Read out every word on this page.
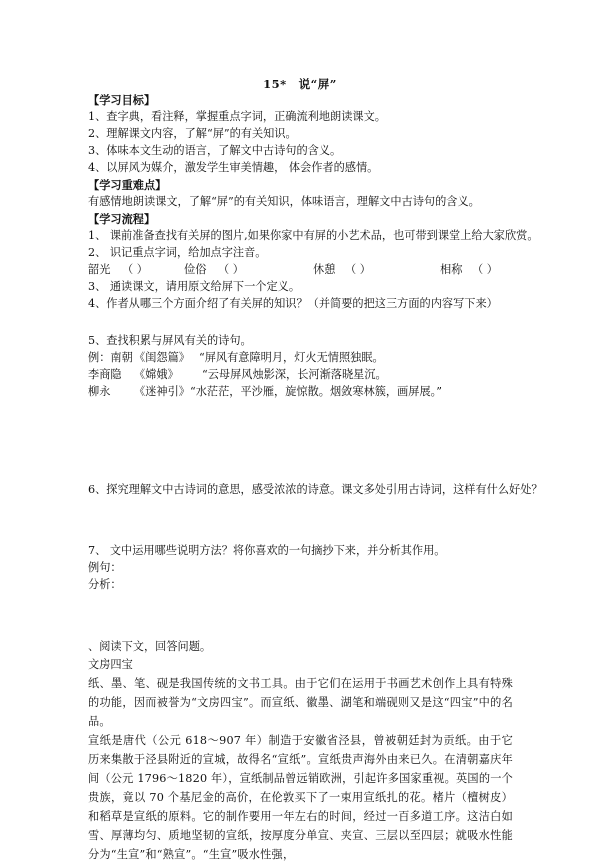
15*　说“屏”
【学习目标】
1、查字典，看注释，掌握重点字词，正确流利地朗读课文。
2、理解课文内容，了解“屏”的有关知识。
3、体味本文生动的语言，了解文中古诗句的含义。
4、以屏风为媒介，激发学生审美情趣， 体会作者的感情。
【学习重难点】
有感情地朗读课文，了解“屏”的有关知识，体味语言，理解文中古诗句的含义。
【学习流程】
1、 课前准备查找有关屏的图片,如果你家中有屏的小艺术品，也可带到课堂上给大家欣赏。
2、 识记重点字词，给加点字注音。
韶光 （ ）	俭俗 （ ）	休憩 （ ）	相称 （ ）
3、 通读课文，请用原文给屏下一个定义。
4、作者从哪三个方面介绍了有关屏的知识？（并简要的把这三方面的内容写下来）
5、查找积累与屏风有关的诗句。
例：南朝《闺怨篇》 “屏风有意障明月，灯火无情照独眠。
李商隐 《嫦娥》 “云母屏风烛影深，长河渐落晓星沉。
柳永 《迷神引》“水茫茫，平沙雁，旋惊散。烟敛寒林簇，画屏展。”
6、探究理解文中古诗词的意思，感受浓浓的诗意。课文多处引用古诗词，这样有什么好处？
7、 文中运用哪些说明方法？将你喜欢的一句摘抄下来，并分析其作用。
例句：
分析：
、阅读下文，回答问题。
文房四宝
纸、墨、笔、砚是我国传统的文书工具。由于它们在运用于书画艺术创作上具有特殊的功能，因而被誉为“文房四宝”。而宣纸、徽墨、湖笔和端砚则又是这“四宝”中的名品。
宣纸是唐代（公元 618～907 年）制造于安徽省泾县，曾被朝廷封为贡纸。由于它历来集散于泾县附近的宣城，故得名“宣纸”。宣纸贵声海外由来已久。在清朝嘉庆年间（公元 1796～1820 年），宣纸制品曾远销欧洲，引起许多国家重视。英国的一个贵族，竟以 70 个基尼金的高价，在伦敦买下了一束用宣纸扎的花。楮片（檀树皮）和稻草是宣纸的原料。它的制作要用一年左右的时间，经过一百多道工序。这洁白如雪、厚薄均匀、质地坚韧的宣纸，按厚度分单宣、夹宣、三层以至四层；就吸水性能分为“生宣”和“熟宣”。“生宣”吸水性强，
